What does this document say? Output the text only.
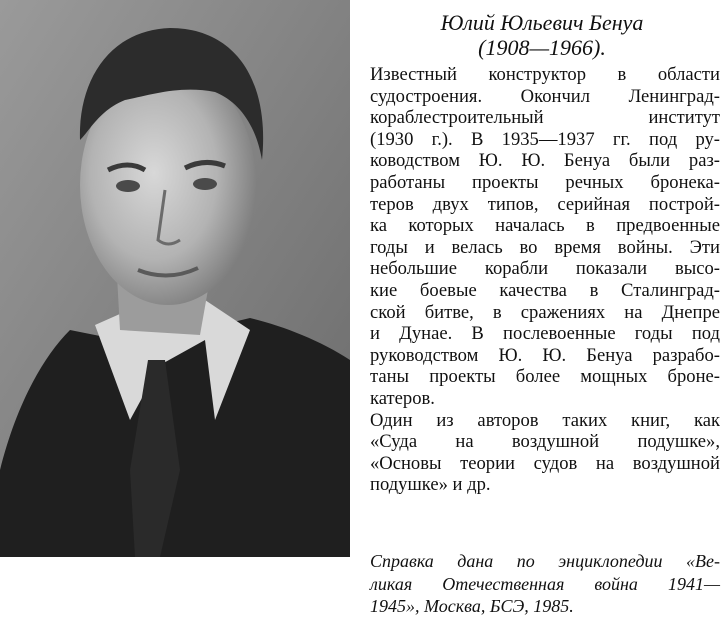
Юлий Юльевич Бенуа
(1908—1966).
Известный конструктор в области
судостроения. Окончил Ленинград-
кораблестроительный институт
(1930 г.). В 1935—1937 гг. под ру-
ководством Ю. Ю. Бенуа были раз-
работаны проекты речных бронека-
теров двух типов, серийная построй-
ка которых началась в предвоенные
годы и велась во время войны. Эти
небольшие корабли показали высо-
кие боевые качества в Сталинград-
ской битве, в сражениях на Днепре
и Дунае. В послевоенные годы под
руководством Ю. Ю. Бенуа разрабо-
таны проекты более мощных броне-
катеров.
Один из авторов таких книг, как
«Суда на воздушной подушке»,
«Основы теории судов на воздушной
подушке» и др.
Справка дана по энциклопедии «Ве-
ликая Отечественная война 1941—
1945», Москва, БСЭ, 1985.
